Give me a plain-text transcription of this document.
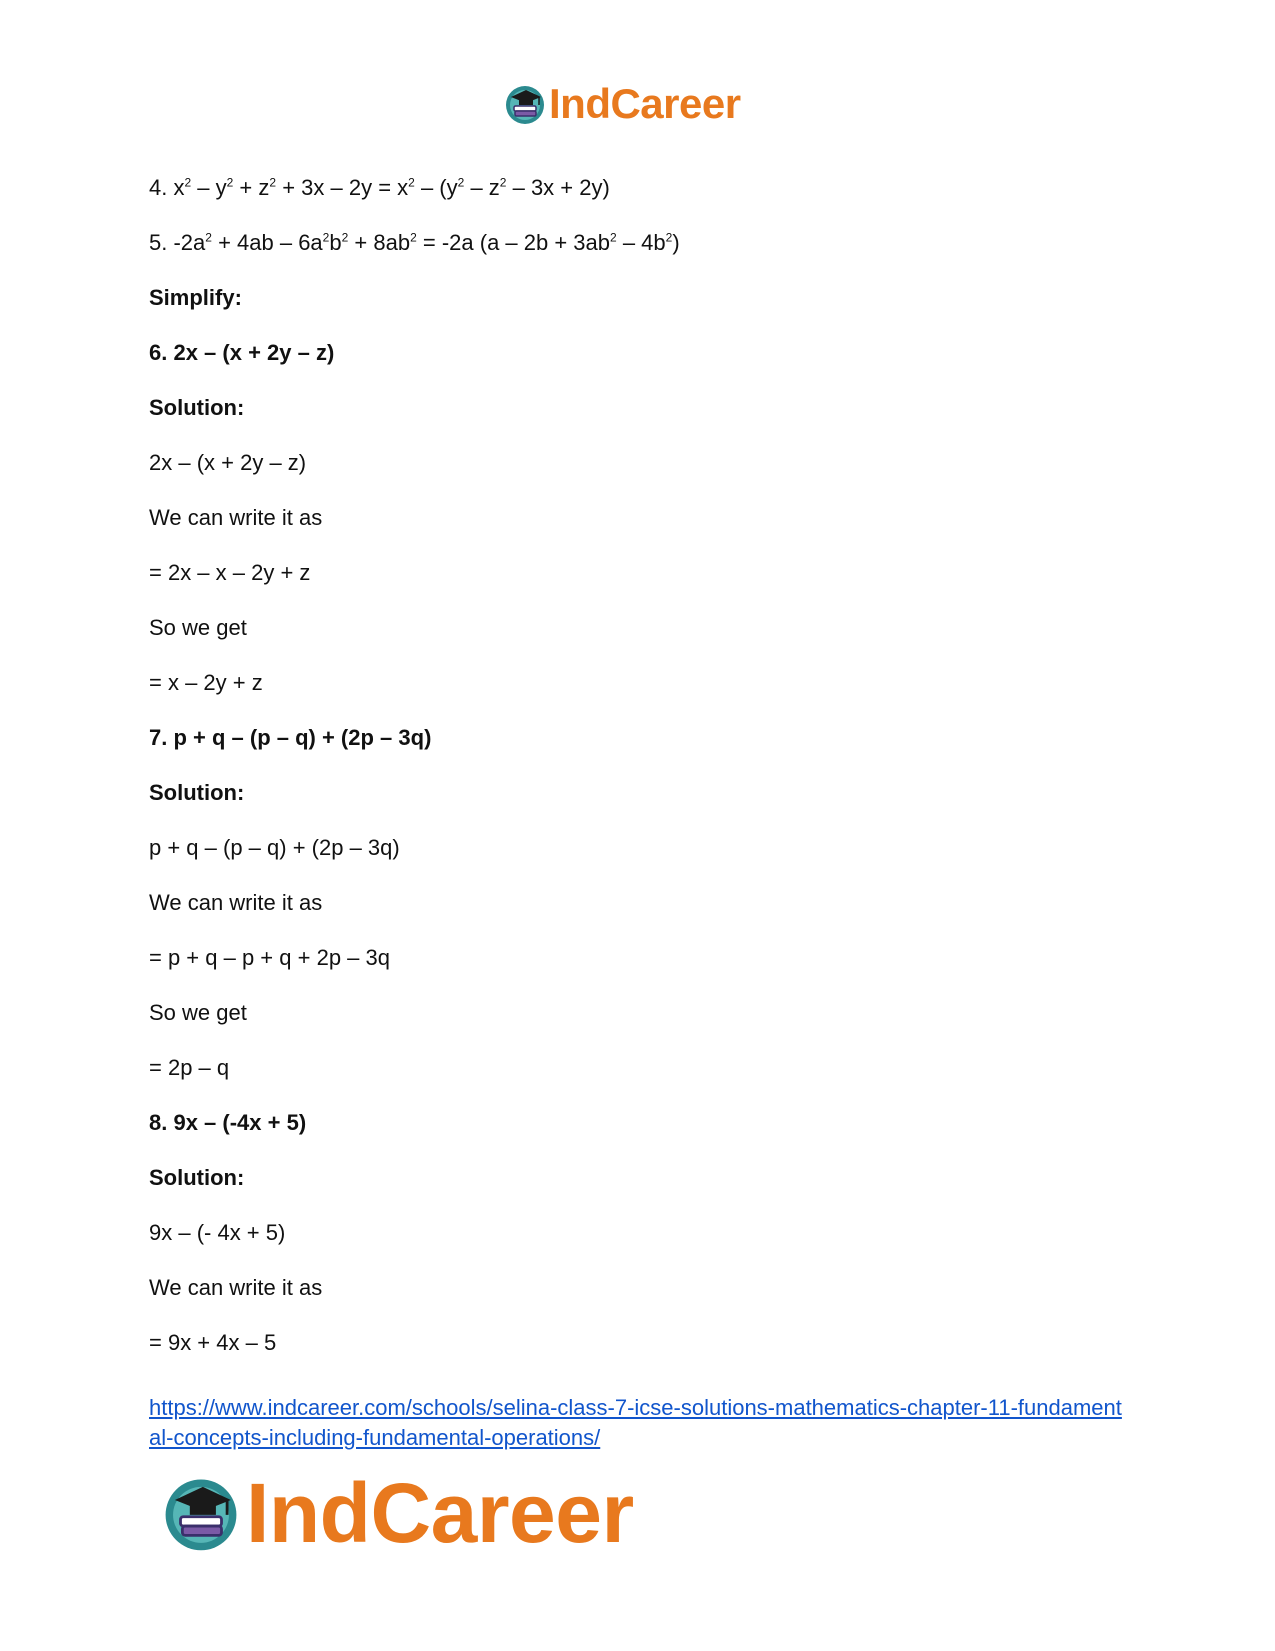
IndCareer
4. $x^2 - y^2 + z^2 + 3x - 2y = x^2 - (y^2 - z^2 - 3x + 2y)$
5. $-2a^2 + 4ab - 6a^2b^2 + 8ab^2 = -2a$ $(a - 2b + 3ab^2 - 4b^2)$
Simplify:
6. 2x – (x + 2y – z)
Solution:
2x – (x + 2y – z)
We can write it as
= 2x – x – 2y + z
So we get
= x – 2y + z
7. p + q – (p – q) + (2p – 3q)
Solution:
p + q – (p – q) + (2p – 3q)
We can write it as
= p + q – p + q + 2p – 3q
So we get
= 2p – q
8. 9x – (-4x + 5)
Solution:
9x – (- 4x + 5)
We can write it as
= 9x + 4x – 5
https://www.indcareer.com/schools/selina-class-7-icse-solutions-mathematics-chapter-11-fundamental-concepts-including-fundamental-operations/
IndCareer
